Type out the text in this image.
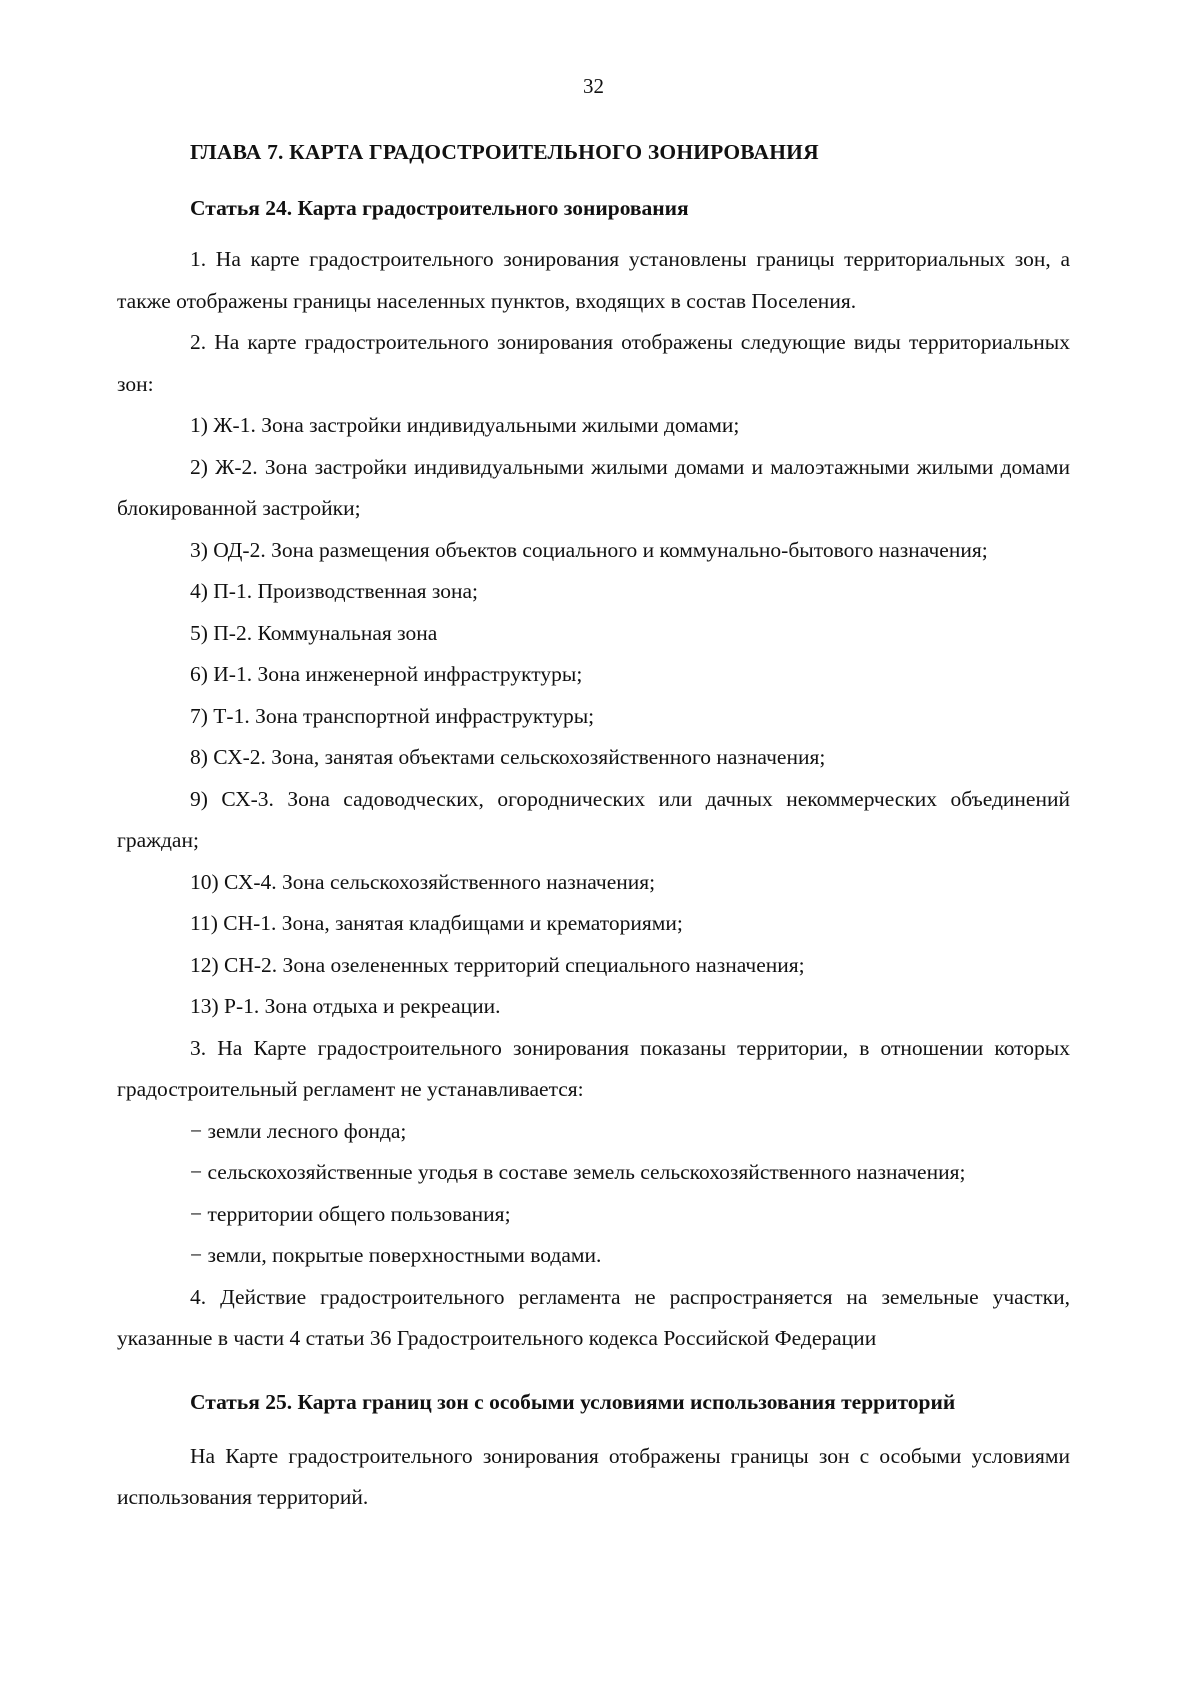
32
ГЛАВА 7. КАРТА ГРАДОСТРОИТЕЛЬНОГО ЗОНИРОВАНИЯ
Статья 24. Карта градостроительного зонирования

1. На карте градостроительного зонирования установлены границы территориальных зон, а также отображены границы населенных пунктов, входящих в состав Поселения.

2. На карте градостроительного зонирования отображены следующие виды территориальных зон:

1) Ж-1. Зона застройки индивидуальными жилыми домами;

2) Ж-2. Зона застройки индивидуальными жилыми домами и малоэтажными жилыми домами блокированной застройки;

3) ОД-2. Зона размещения объектов социального и коммунально-бытового назначения;

4) П-1. Производственная зона;

5) П-2. Коммунальная зона

6) И-1. Зона инженерной инфраструктуры;

7) Т-1. Зона транспортной инфраструктуры;

8) СХ-2. Зона, занятая объектами сельскохозяйственного назначения;

9) СХ-3. Зона садоводческих, огороднических или дачных некоммерческих объединений граждан;

10) СХ-4. Зона сельскохозяйственного назначения;

11) СН-1. Зона, занятая кладбищами и крематориями;

12) СН-2. Зона озелененных территорий специального назначения;

13) Р-1. Зона отдыха и рекреации.

3. На Карте градостроительного зонирования показаны территории, в отношении которых градостроительный регламент не устанавливается:

− земли лесного фонда;

− сельскохозяйственные угодья в составе земель сельскохозяйственного назначения;

− территории общего пользования;

− земли, покрытые поверхностными водами.

4. Действие градостроительного регламента не распространяется на земельные участки, указанные в части 4 статьи 36 Градостроительного кодекса Российской Федерации

Статья 25. Карта границ зон с особыми условиями использования территорий

На Карте градостроительного зонирования отображены границы зон с особыми условиями использования территорий.
